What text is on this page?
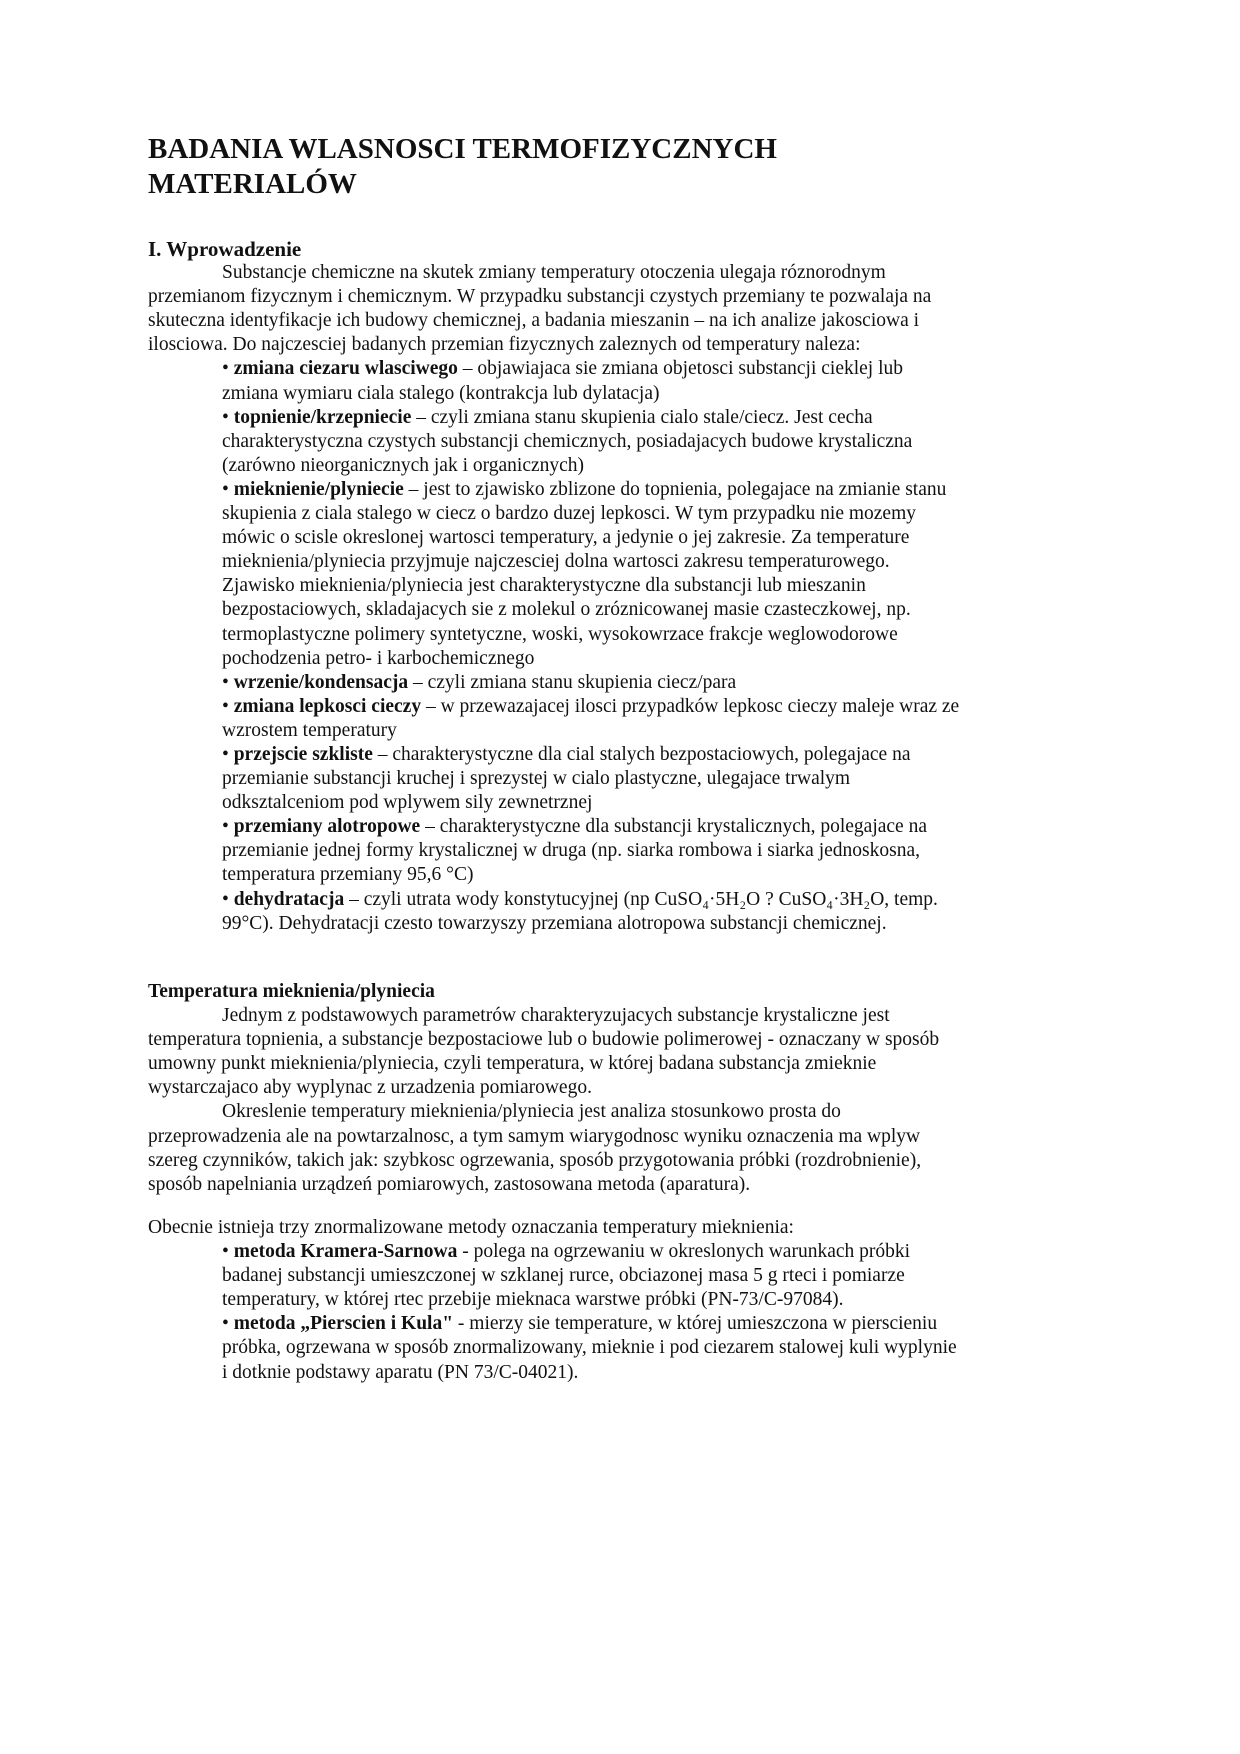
BADANIA WLASNOSCI TERMOFIZYCZNYCH
MATERIALÓW
I. Wprowadzenie
Substancje chemiczne na skutek zmiany temperatury otoczenia ulegaja róznorodnym
przemianom fizycznym i chemicznym. W przypadku substancji czystych przemiany te pozwalaja na
skuteczna identyfikacje ich budowy chemicznej, a badania mieszanin – na ich analize jakosciowa i
ilosciowa. Do najczesciej badanych przemian fizycznych zaleznych od temperatury naleza:
• zmiana ciezaru wlasciwego – objawiajaca sie zmiana objetosci substancji cieklej lub
zmiana wymiaru ciala stalego (kontrakcja lub dylatacja)
• topnienie/krzepniecie – czyli zmiana stanu skupienia cialo stale/ciecz. Jest cecha
charakterystyczna czystych substancji chemicznych, posiadajacych budowe krystaliczna
(zarówno nieorganicznych jak i organicznych)
• mieknienie/plyniecie – jest to zjawisko zblizone do topnienia, polegajace na zmianie stanu
skupienia z ciala stalego w ciecz o bardzo duzej lepkosci. W tym przypadku nie mozemy
mówic o scisle okreslonej wartosci temperatury, a jedynie o jej zakresie. Za temperature
mieknienia/plyniecia przyjmuje najczesciej dolna wartosci zakresu temperaturowego.
Zjawisko mieknienia/plyniecia jest charakterystyczne dla substancji lub mieszanin
bezpostaciowych, skladajacych sie z molekul o zróznicowanej masie czasteczkowej, np.
termoplastyczne polimery syntetyczne, woski, wysokowrzace frakcje weglowodorowe
pochodzenia petro- i karbochemicznego
• wrzenie/kondensacja – czyli zmiana stanu skupienia ciecz/para
• zmiana lepkosci cieczy – w przewazajacej ilosci przypadków lepkosc cieczy maleje wraz ze
wzrostem temperatury
• przejscie szkliste – charakterystyczne dla cial stalych bezpostaciowych, polegajace na
przemianie substancji kruchej i sprezystej w cialo plastyczne, ulegajace trwalym
odksztalceniom pod wplywem sily zewnetrznej
• przemiany alotropowe – charakterystyczne dla substancji krystalicznych, polegajace na
przemianie jednej formy krystalicznej w druga (np. siarka rombowa i siarka jednoskosna,
temperatura przemiany 95,6 °C)
• dehydratacja – czyli utrata wody konstytucyjnej (np CuSO₄·5H₂O ? CuSO₄·3H₂O, temp.
99°C). Dehydratacji czesto towarzyszy przemiana alotropowa substancji chemicznej.
Temperatura mieknienia/plyniecia
Jednym z podstawowych parametrów charakteryzujacych substancje krystaliczne jest
temperatura topnienia, a substancje bezpostaciowe lub o budowie polimerowej - oznaczany w sposób
umowny punkt mieknienia/plyniecia, czyli temperatura, w której badana substancja zmieknie
wystarczajaco aby wyplynac z urzadzenia pomiarowego.
Okreslenie temperatury mieknienia/plyniecia jest analiza stosunkowo prosta do
przeprowadzenia ale na powtarzalnosc, a tym samym wiarygodnosc wyniku oznaczenia ma wplyw
szereg czynników, takich jak: szybkosc ogrzewania, sposób przygotowania próbki (rozdrobnienie),
sposób napelniania urządzeń pomiarowych, zastosowana metoda (aparatura).
Obecnie istnieja trzy znormalizowane metody oznaczania temperatury mieknienia:
• metoda Kramera-Sarnowa - polega na ogrzewaniu w okreslonych warunkach próbki
badanej substancji umieszczonej w szklanej rurce, obciazonej masa 5 g rteci i pomiarze
temperatury, w której rtec przebije mieknaca warstwe próbki (PN-73/C-97084).
• metoda „Pierscien i Kula" - mierzy sie temperature, w której umieszczona w pierscieniu
próbka, ogrzewana w sposób znormalizowany, mieknie i pod ciezarem stalowej kuli wyplynie
i dotknie podstawy aparatu (PN 73/C-04021).
